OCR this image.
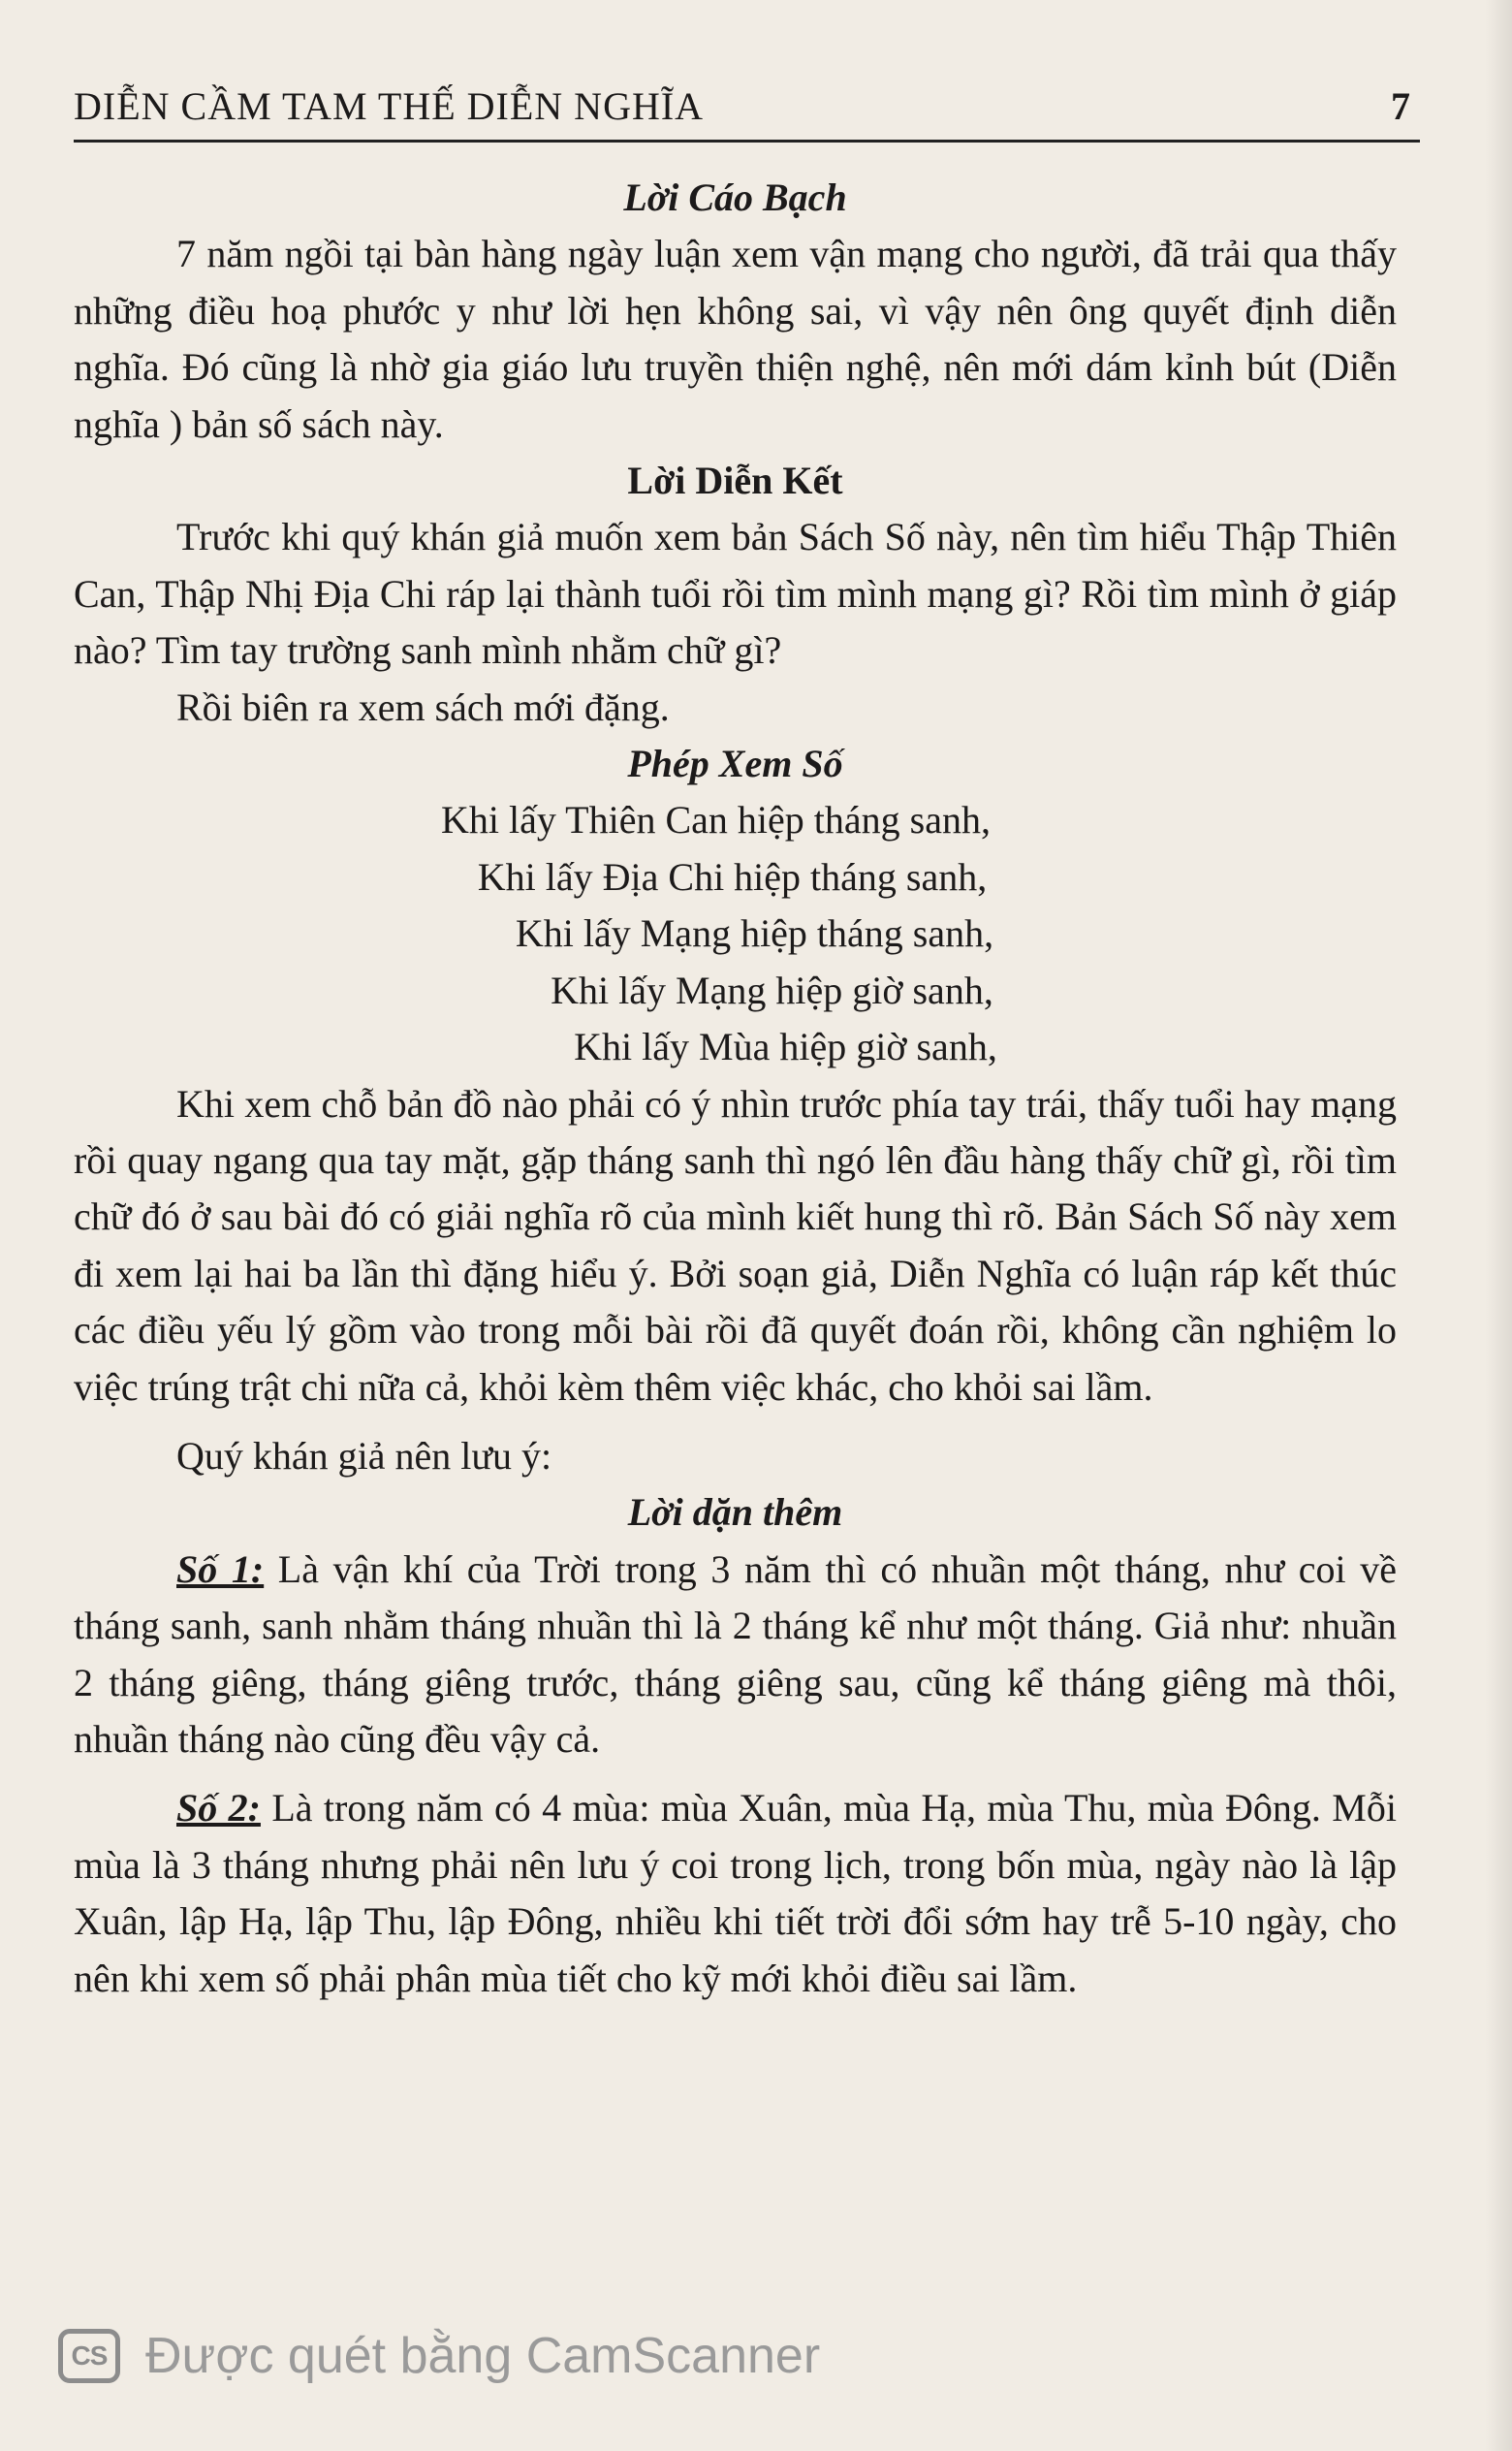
DIỄN CẦM TAM THẾ DIỄN NGHĨA	7
Lời Cáo Bạch

7 năm ngồi tại bàn hàng ngày luận xem vận mạng cho người, đã trải qua thấy những điều hoạ phước y như lời hẹn không sai, vì vậy nên ông quyết định diễn nghĩa. Đó cũng là nhờ gia giáo lưu truyền thiện nghệ, nên mới dám kỉnh bút (Diễn nghĩa ) bản số sách này.

Lời Diễn Kết

Trước khi quý khán giả muốn xem bản Sách Số này, nên tìm hiểu Thập Thiên Can, Thập Nhị Địa Chi ráp lại thành tuổi rồi tìm mình mạng gì? Rồi tìm mình ở giáp nào? Tìm tay trường sanh mình nhằm chữ gì?

Rồi biên ra xem sách mới đặng.

Phép Xem Số
Khi lấy Thiên Can hiệp tháng sanh,
Khi lấy Địa Chi hiệp tháng sanh,
Khi lấy Mạng hiệp tháng sanh,
Khi lấy Mạng hiệp giờ sanh,
Khi lấy Mùa hiệp giờ sanh,

Khi xem chỗ bản đồ nào phải có ý nhìn trước phía tay trái, thấy tuổi hay mạng rồi quay ngang qua tay mặt, gặp tháng sanh thì ngó lên đầu hàng thấy chữ gì, rồi tìm chữ đó ở sau bài đó có giải nghĩa rõ của mình kiết hung thì rõ. Bản Sách Số này xem đi xem lại hai ba lần thì đặng hiểu ý. Bởi soạn giả, Diễn Nghĩa có luận ráp kết thúc các điều yếu lý gồm vào trong mỗi bài rồi đã quyết đoán rồi, không cần nghiệm lo việc trúng trật chi nữa cả, khỏi kèm thêm việc khác, cho khỏi sai lầm.

Quý khán giả nên lưu ý:

Lời dặn thêm

Số 1: Là vận khí của Trời trong 3 năm thì có nhuần một tháng, như coi về tháng sanh, sanh nhằm tháng nhuần thì là 2 tháng kể như một tháng. Giả như: nhuần 2 tháng giêng, tháng giêng trước, tháng giêng sau, cũng kể tháng giêng mà thôi, nhuần tháng nào cũng đều vậy cả.

Số 2: Là trong năm có 4 mùa: mùa Xuân, mùa Hạ, mùa Thu, mùa Đông. Mỗi mùa là 3 tháng nhưng phải nên lưu ý coi trong lịch, trong bốn mùa, ngày nào là lập Xuân, lập Hạ, lập Thu, lập Đông, nhiều khi tiết trời đổi sớm hay trễ 5-10 ngày, cho nên khi xem số phải phân mùa tiết cho kỹ mới khỏi điều sai lầm.

CS Được quét bằng CamScanner
